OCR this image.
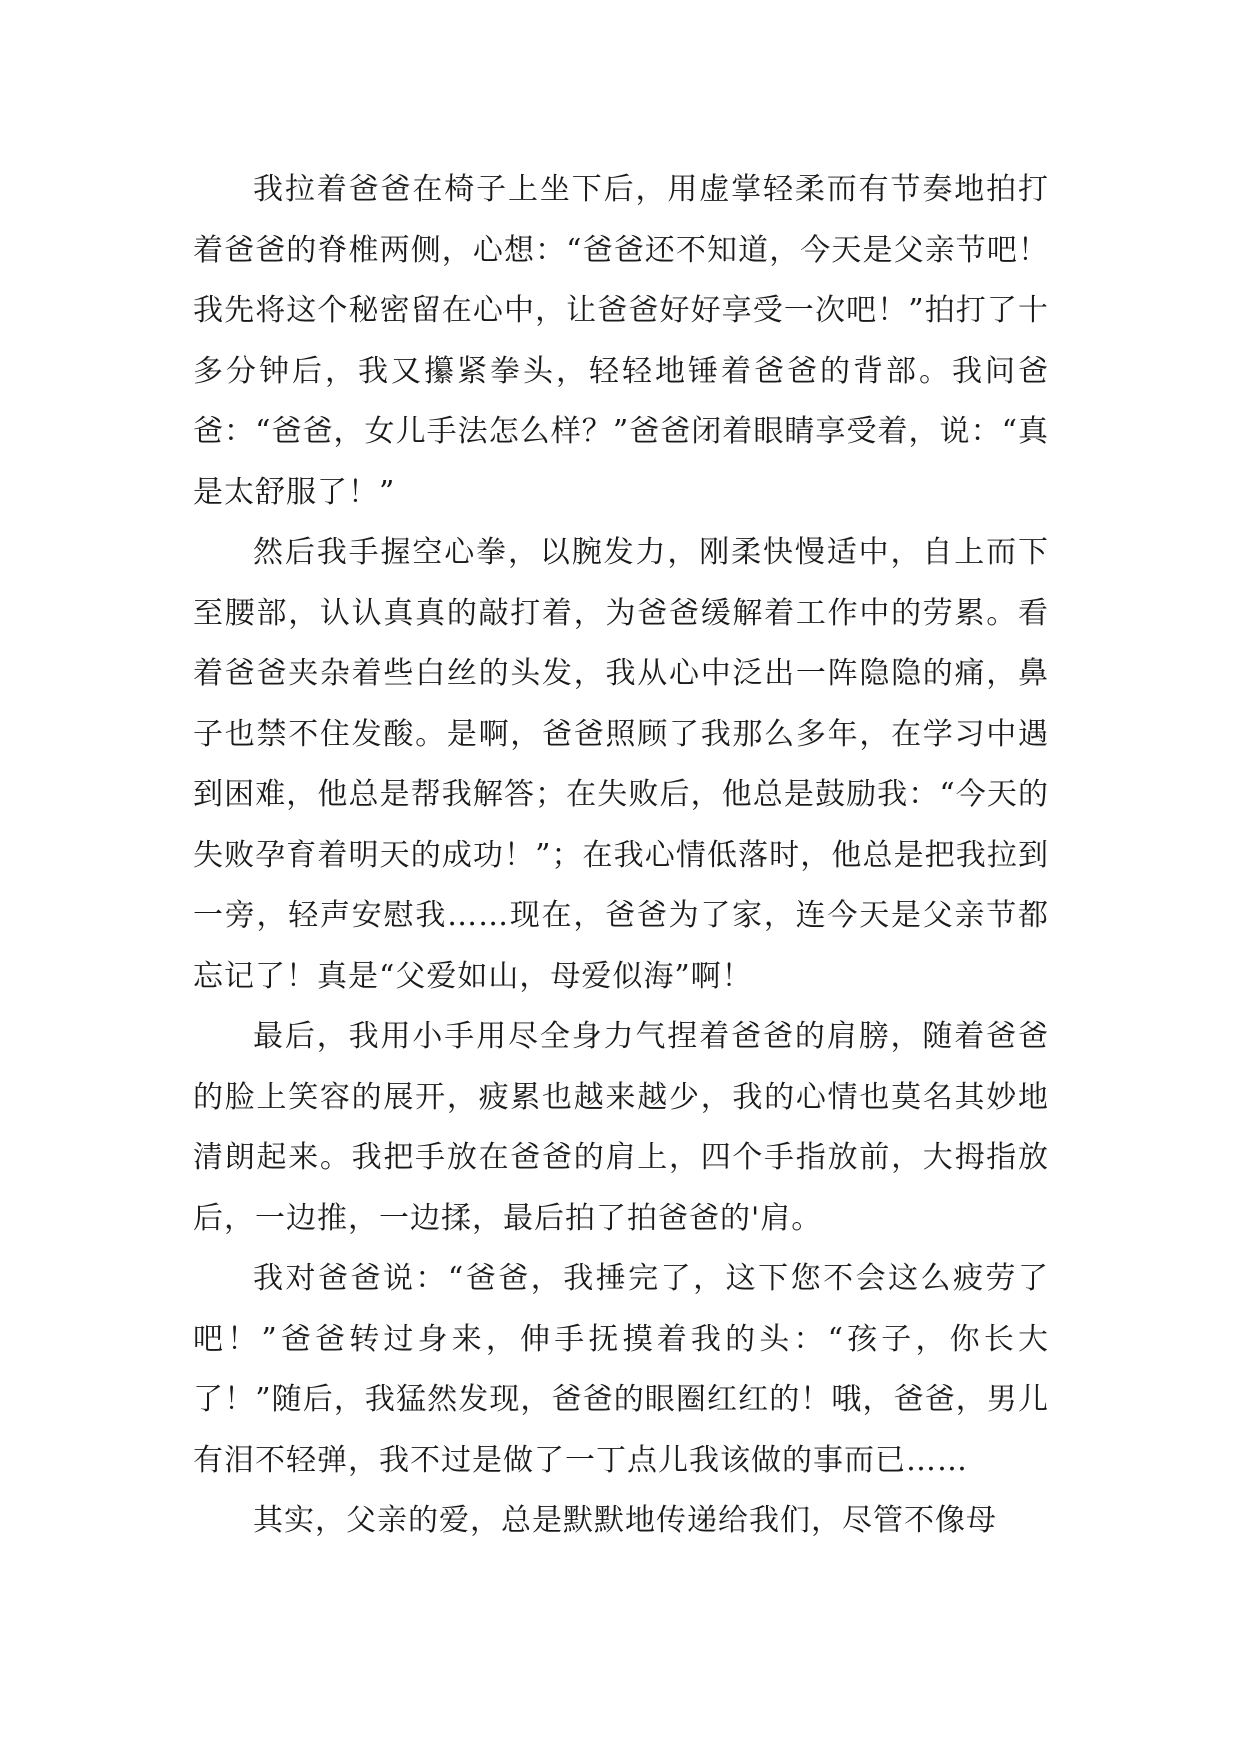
我拉着爸爸在椅子上坐下后，用虚掌轻柔而有节奏地拍打着爸爸的脊椎两侧，心想：“爸爸还不知道，今天是父亲节吧！我先将这个秘密留在心中，让爸爸好好享受一次吧！”拍打了十多分钟后，我又攥紧拳头，轻轻地锤着爸爸的背部。我问爸爸：“爸爸，女儿手法怎么样？”爸爸闭着眼睛享受着，说：“真是太舒服了！”

然后我手握空心拳，以腕发力，刚柔快慢适中，自上而下至腰部，认认真真的敲打着，为爸爸缓解着工作中的劳累。看着爸爸夹杂着些白丝的头发，我从心中泛出一阵隐隐的痛，鼻子也禁不住发酸。是啊，爸爸照顾了我那么多年，在学习中遇到困难，他总是帮我解答；在失败后，他总是鼓励我：“今天的失败孕育着明天的成功！”；在我心情低落时，他总是把我拉到一旁，轻声安慰我……现在，爸爸为了家，连今天是父亲节都忘记了！真是“父爱如山，母爱似海”啊！

最后，我用小手用尽全身力气捏着爸爸的肩膀，随着爸爸的脸上笑容的展开，疲累也越来越少，我的心情也莫名其妙地清朗起来。我把手放在爸爸的肩上，四个手指放前，大拇指放后，一边推，一边揉，最后拍了拍爸爸的'肩。

我对爸爸说：“爸爸，我捶完了，这下您不会这么疲劳了吧！”爸爸转过身来，伸手抚摸着我的头：“孩子，你长大了！”随后，我猛然发现，爸爸的眼圈红红的！哦，爸爸，男儿有泪不轻弹，我不过是做了一丁点儿我该做的事而已……

其实，父亲的爱，总是默默地传递给我们，尽管不像母
